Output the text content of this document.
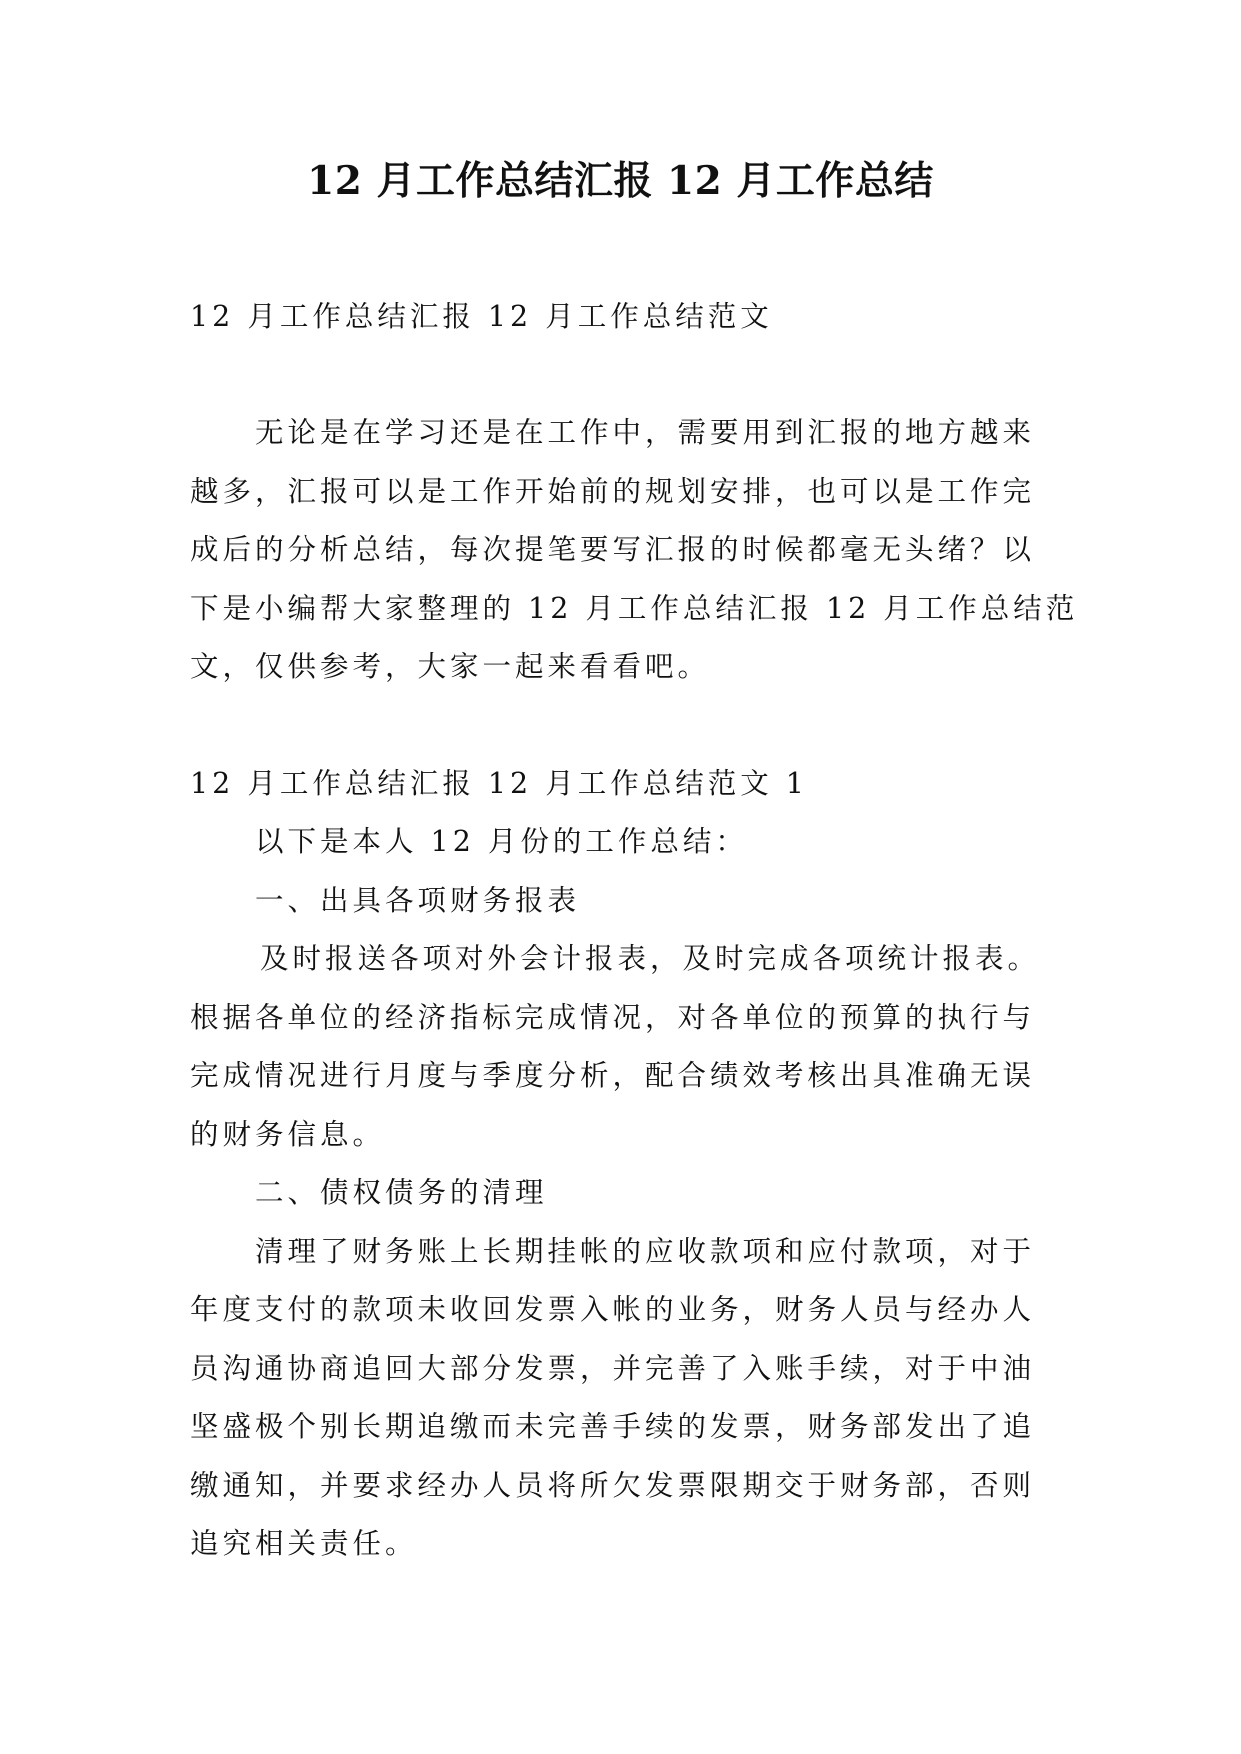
12 月工作总结汇报 12 月工作总结

12 月工作总结汇报 12 月工作总结范文

无论是在学习还是在工作中，需要用到汇报的地方越来
越多，汇报可以是工作开始前的规划安排，也可以是工作完
成后的分析总结，每次提笔要写汇报的时候都毫无头绪？以
下是小编帮大家整理的 12 月工作总结汇报 12 月工作总结范
文，仅供参考，大家一起来看看吧。

12 月工作总结汇报 12 月工作总结范文 1

以下是本人 12 月份的工作总结：
一、出具各项财务报表
及时报送各项对外会计报表，及时完成各项统计报表。
根据各单位的经济指标完成情况，对各单位的预算的执行与
完成情况进行月度与季度分析，配合绩效考核出具准确无误
的财务信息。
二、债权债务的清理
清理了财务账上长期挂帐的应收款项和应付款项，对于
年度支付的款项未收回发票入帐的业务，财务人员与经办人
员沟通协商追回大部分发票，并完善了入账手续，对于中油
坚盛极个别长期追缴而未完善手续的发票，财务部发出了追
缴通知，并要求经办人员将所欠发票限期交于财务部，否则
追究相关责任。
